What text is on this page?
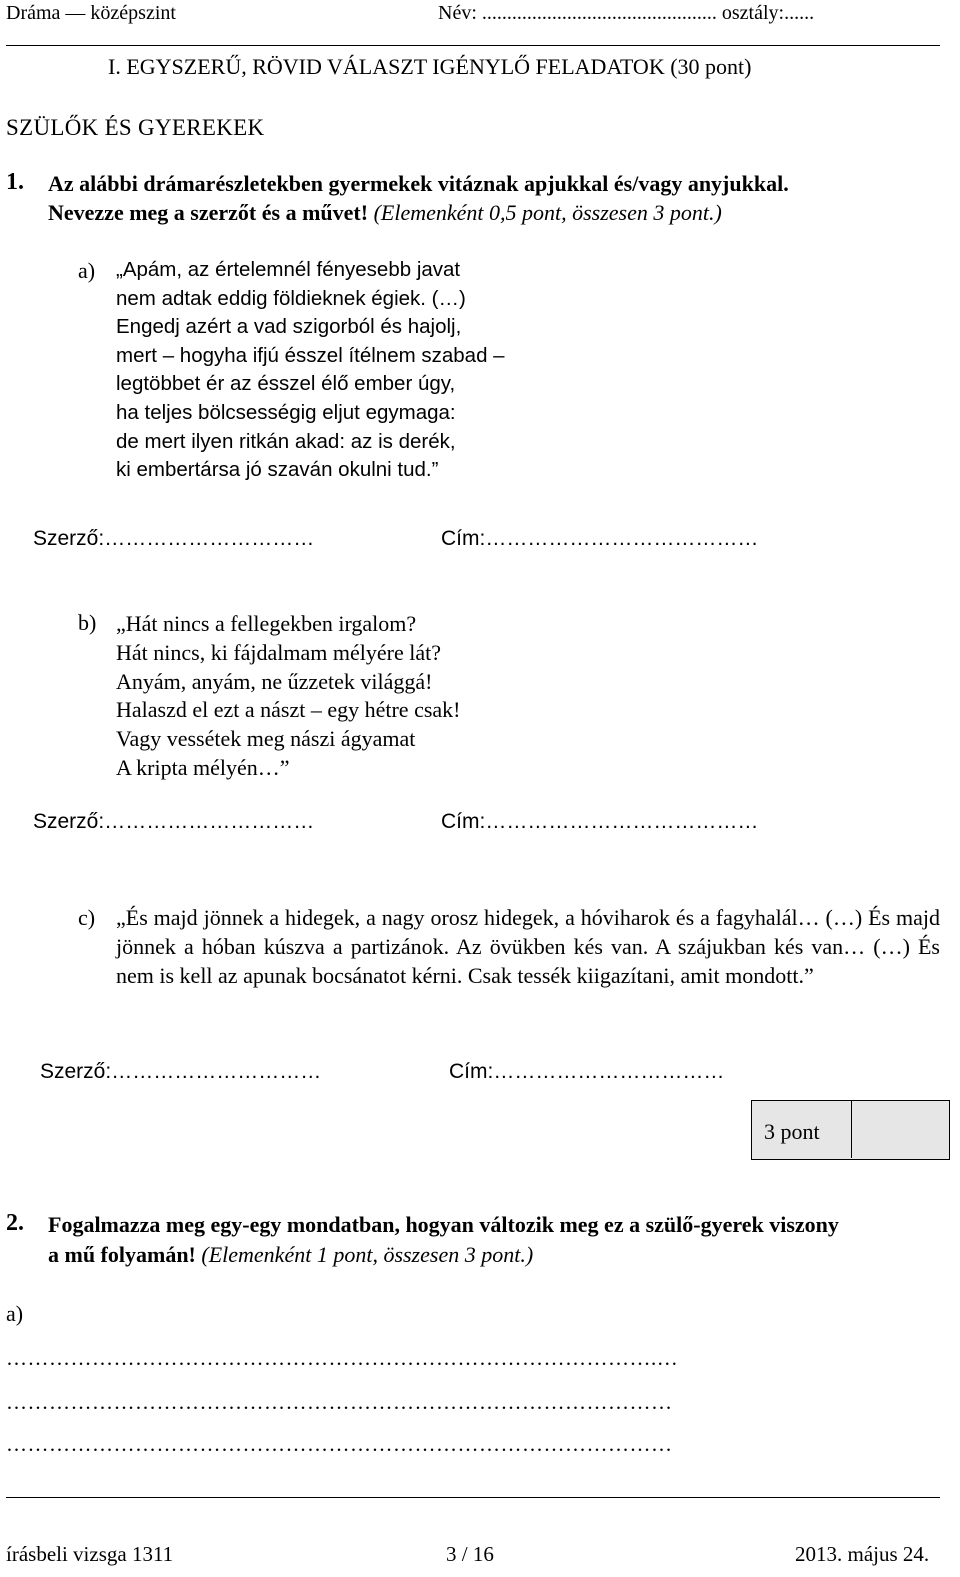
Dráma — középszint	Név: ............................................... osztály:......
I. EGYSZERŰ, RÖVID VÁLASZT IGÉNYLŐ FELADATOK (30 pont)
SZÜLŐK ÉS GYEREKEK
1. Az alábbi drámarészletekben gyermekek vitáznak apjukkal és/vagy anyjukkal.
Nevezze meg a szerzőt és a művet! (Elemenként 0,5 pont, összesen 3 pont.)
a) „Apám, az értelemnél fényesebb javat
nem adtak eddig földieknek égiek. (…)
Engedj azért a vad szigorból és hajolj,
mert – hogyha ifjú ésszel ítélnem szabad –
legtöbbet ér az ésszel élő ember úgy,
ha teljes bölcsességig eljut egymaga:
de mert ilyen ritkán akad: az is derék,
ki embertársa jó szaván okulni tud.”
Szerző:…………………………	Cím:…………………………………
b) „Hát nincs a fellegekben irgalom?
Hát nincs, ki fájdalmam mélyére lát?
Anyám, anyám, ne űzzetek világgá!
Halaszd el ezt a nászt – egy hétre csak!
Vagy vessétek meg nászi ágyamat
A kripta mélyén…”
Szerző:…………………………	Cím:…………………………………
c) „És majd jönnek a hidegek, a nagy orosz hidegek, a hóviharok és a fagyhalál… (…) És majd jönnek a hóban kúszva a partizánok. Az övükben kés van. A szájukban kés van… (…) És nem is kell az apunak bocsánatot kérni. Csak tessék kiigazítani, amit mondott.”
Szerző:…………………………	Cím:……………………………
3 pont
2. Fogalmazza meg egy-egy mondatban, hogyan változik meg ez a szülő-gyerek viszony
a mű folyamán! (Elemenként 1 pont, összesen 3 pont.)
a)
……………………………………………………………………………….…
…………………………………………………………………………………
…………………………………………………………………………………
írásbeli vizsga 1311	3 / 16	2013. május 24.
